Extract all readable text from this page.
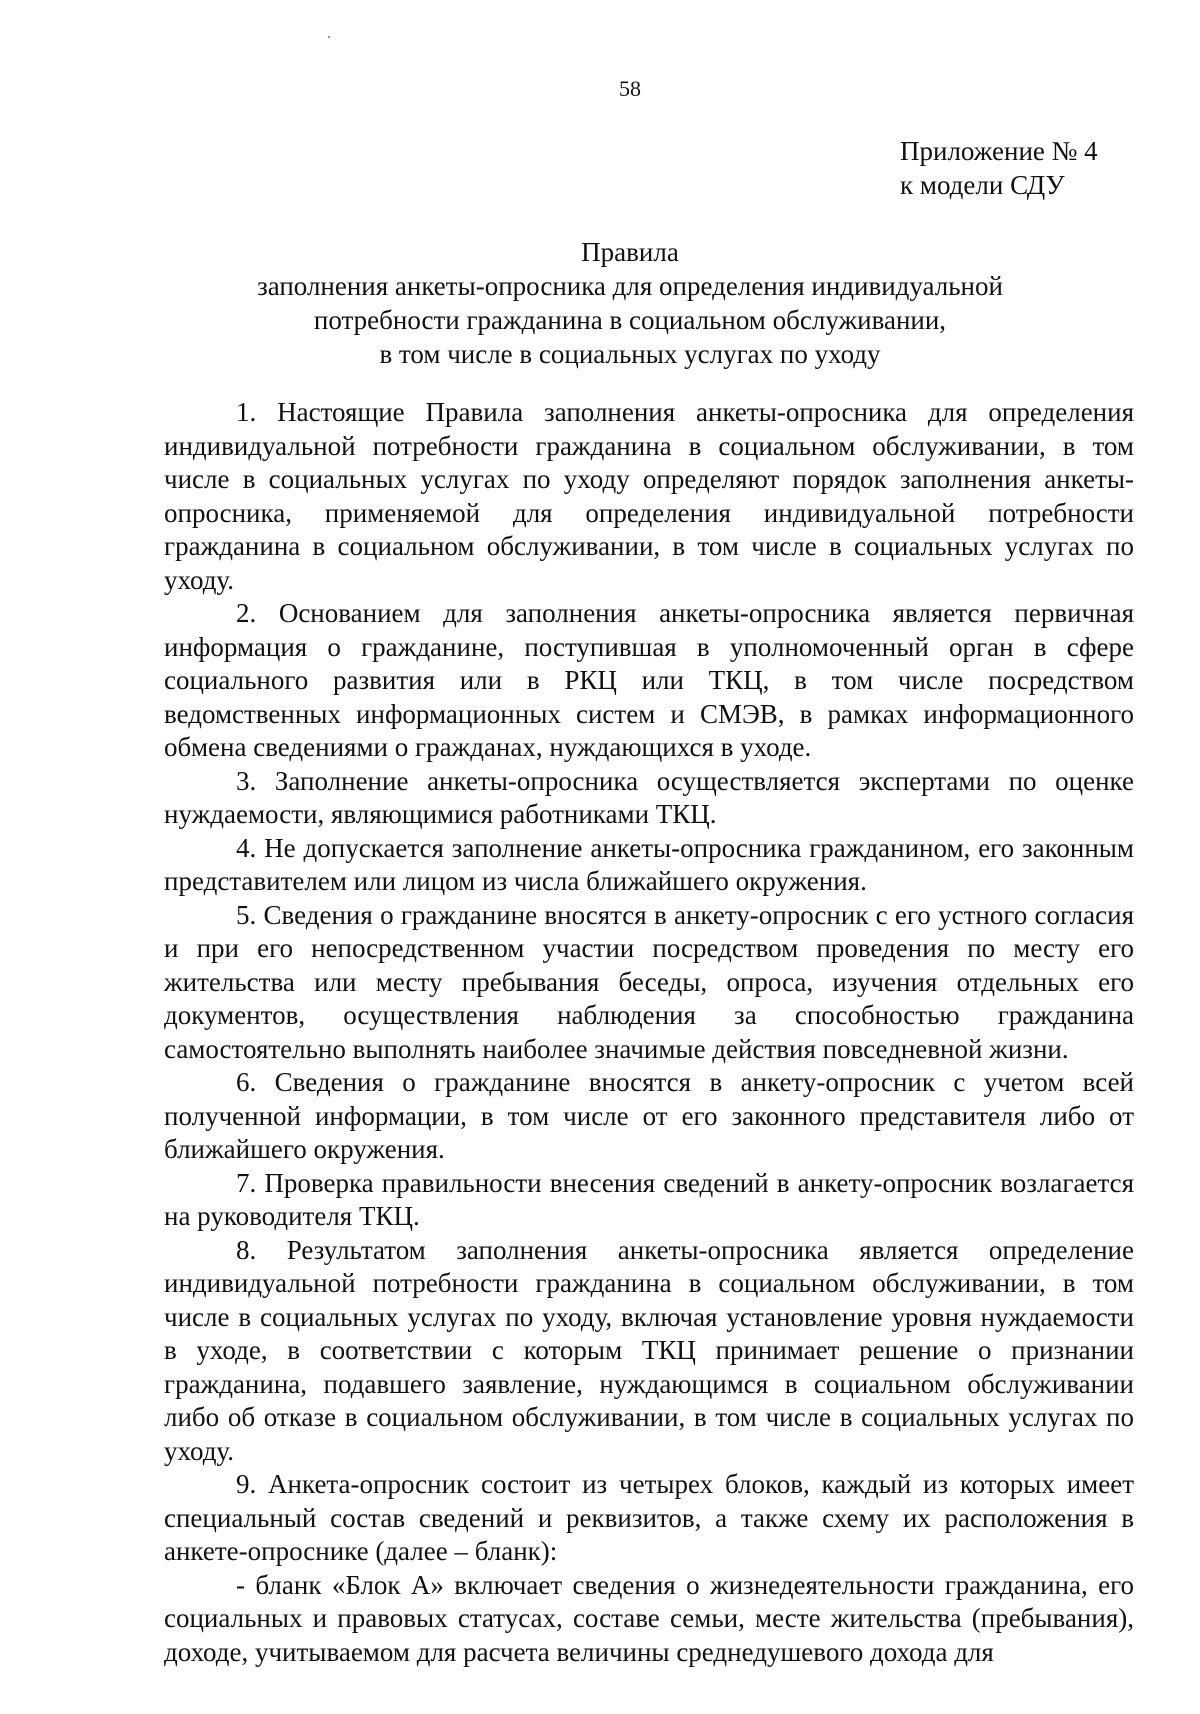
58
Приложение № 4
к модели СДУ
Правила
заполнения анкеты-опросника для определения индивидуальной
потребности гражданина в социальном обслуживании,
в том числе в социальных услугах по уходу

1. Настоящие Правила заполнения анкеты-опросника для определения индивидуальной потребности гражданина в социальном обслуживании, в том числе в социальных услугах по уходу определяют порядок заполнения анкеты-опросника, применяемой для определения индивидуальной потребности гражданина в социальном обслуживании, в том числе в социальных услугах по уходу.

2. Основанием для заполнения анкеты-опросника является первичная информация о гражданине, поступившая в уполномоченный орган в сфере социального развития или в РКЦ или ТКЦ, в том числе посредством ведомственных информационных систем и СМЭВ, в рамках информационного обмена сведениями о гражданах, нуждающихся в уходе.

3. Заполнение анкеты-опросника осуществляется экспертами по оценке нуждаемости, являющимися работниками ТКЦ.

4. Не допускается заполнение анкеты-опросника гражданином, его законным представителем или лицом из числа ближайшего окружения.

5. Сведения о гражданине вносятся в анкету-опросник с его устного согласия и при его непосредственном участии посредством проведения по месту его жительства или месту пребывания беседы, опроса, изучения отдельных его документов, осуществления наблюдения за способностью гражданина самостоятельно выполнять наиболее значимые действия повседневной жизни.

6. Сведения о гражданине вносятся в анкету-опросник с учетом всей полученной информации, в том числе от его законного представителя либо от ближайшего окружения.

7. Проверка правильности внесения сведений в анкету-опросник возлагается на руководителя ТКЦ.

8. Результатом заполнения анкеты-опросника является определение индивидуальной потребности гражданина в социальном обслуживании, в том числе в социальных услугах по уходу, включая установление уровня нуждаемости в уходе, в соответствии с которым ТКЦ принимает решение о признании гражданина, подавшего заявление, нуждающимся в социальном обслуживании либо об отказе в социальном обслуживании, в том числе в социальных услугах по уходу.

9. Анкета-опросник состоит из четырех блоков, каждый из которых имеет специальный состав сведений и реквизитов, а также схему их расположения в анкете-опроснике (далее – бланк):

- бланк «Блок А» включает сведения о жизнедеятельности гражданина, его социальных и правовых статусах, составе семьи, месте жительства (пребывания), доходе, учитываемом для расчета величины среднедушевого дохода для
